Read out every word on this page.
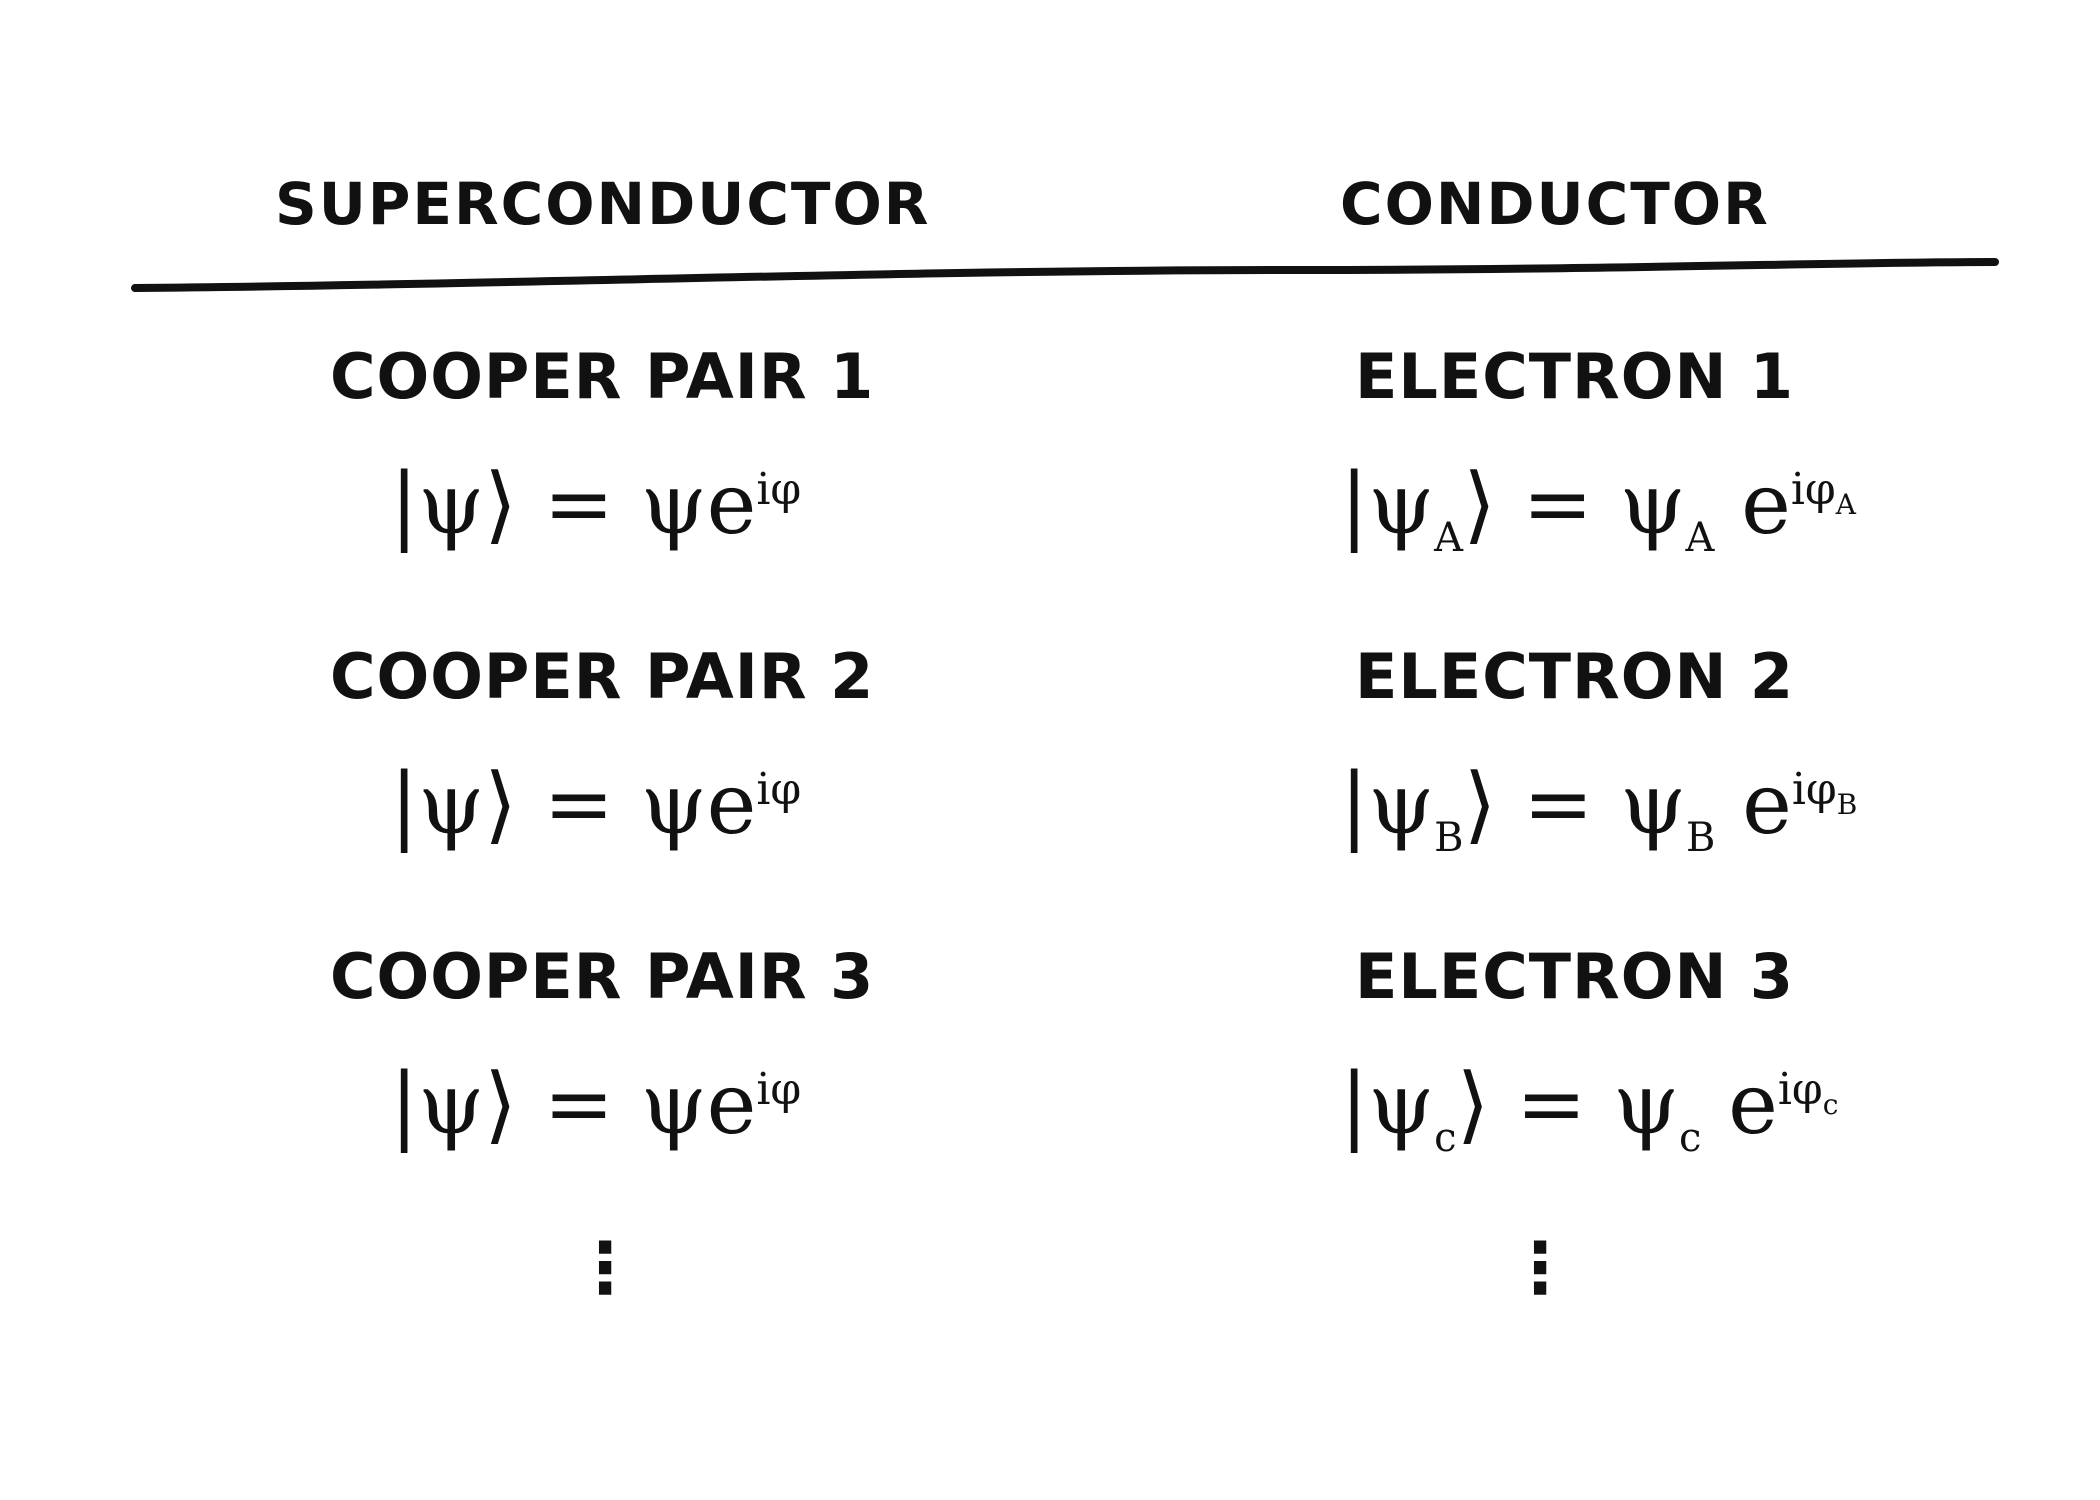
SUPERCONDUCTOR	CONDUCTOR
COOPER PAIR 1
|ψ⟩ = $\psi e^{i\varphi}$
COOPER PAIR 2
|ψ⟩ = $\psi e^{i\varphi}$
COOPER PAIR 3
|ψ⟩ = $\psi e^{i\varphi}$
⋮
ELECTRON 1
$|\psi_A⟩ = \psi_A$ $e^{i\varphi_A}$
ELECTRON 2
$|\psi_B⟩ = \psi_B$ $e^{i\varphi_B}$
ELECTRON 3
$|\psi_c⟩ = \psi_c$ $e^{i\varphi_c}$
⋮
